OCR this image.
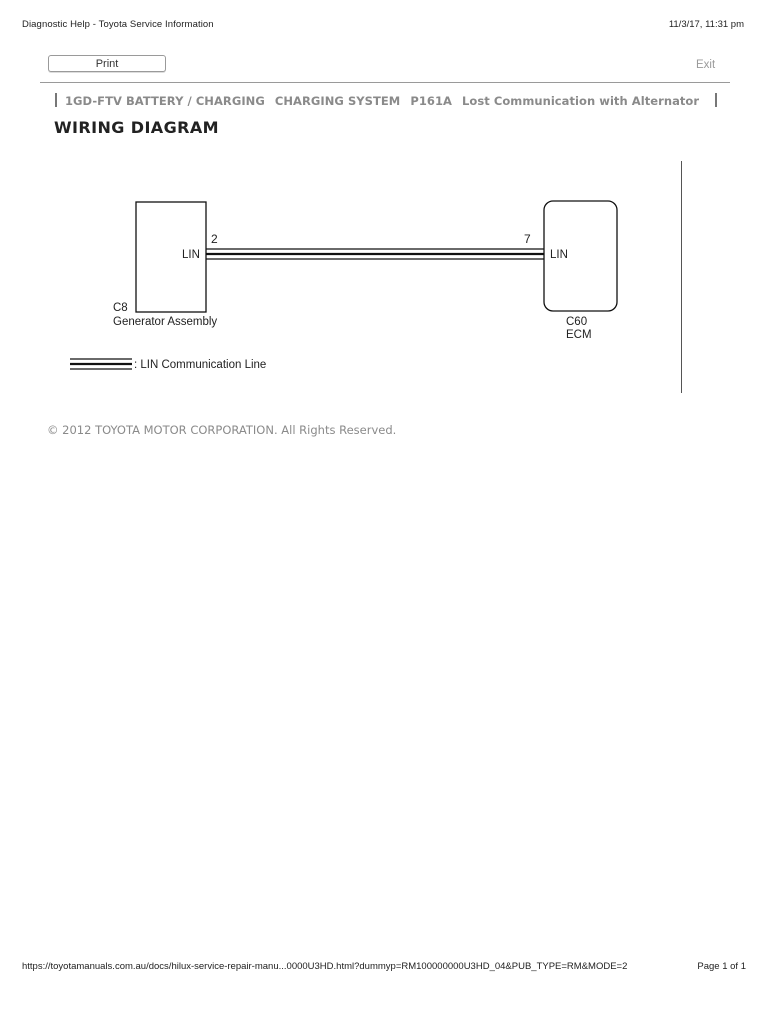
Diagnostic Help - Toyota Service Information	11/3/17, 11:31 pm
Print	Exit
1GD-FTV BATTERY / CHARGING CHARGING SYSTEM P161A Lost Communication with Alternator
WIRING DIAGRAM
2
LIN
7
LIN
C8
Generator Assembly	C60
ECM
: LIN Communication Line
© 2012 TOYOTA MOTOR CORPORATION. All Rights Reserved.
https://toyotamanuals.com.au/docs/hilux-service-repair-manu...0000U3HD.html?dummyp=RM100000000U3HD_04&PUB_TYPE=RM&MODE=2	Page 1 of 1
